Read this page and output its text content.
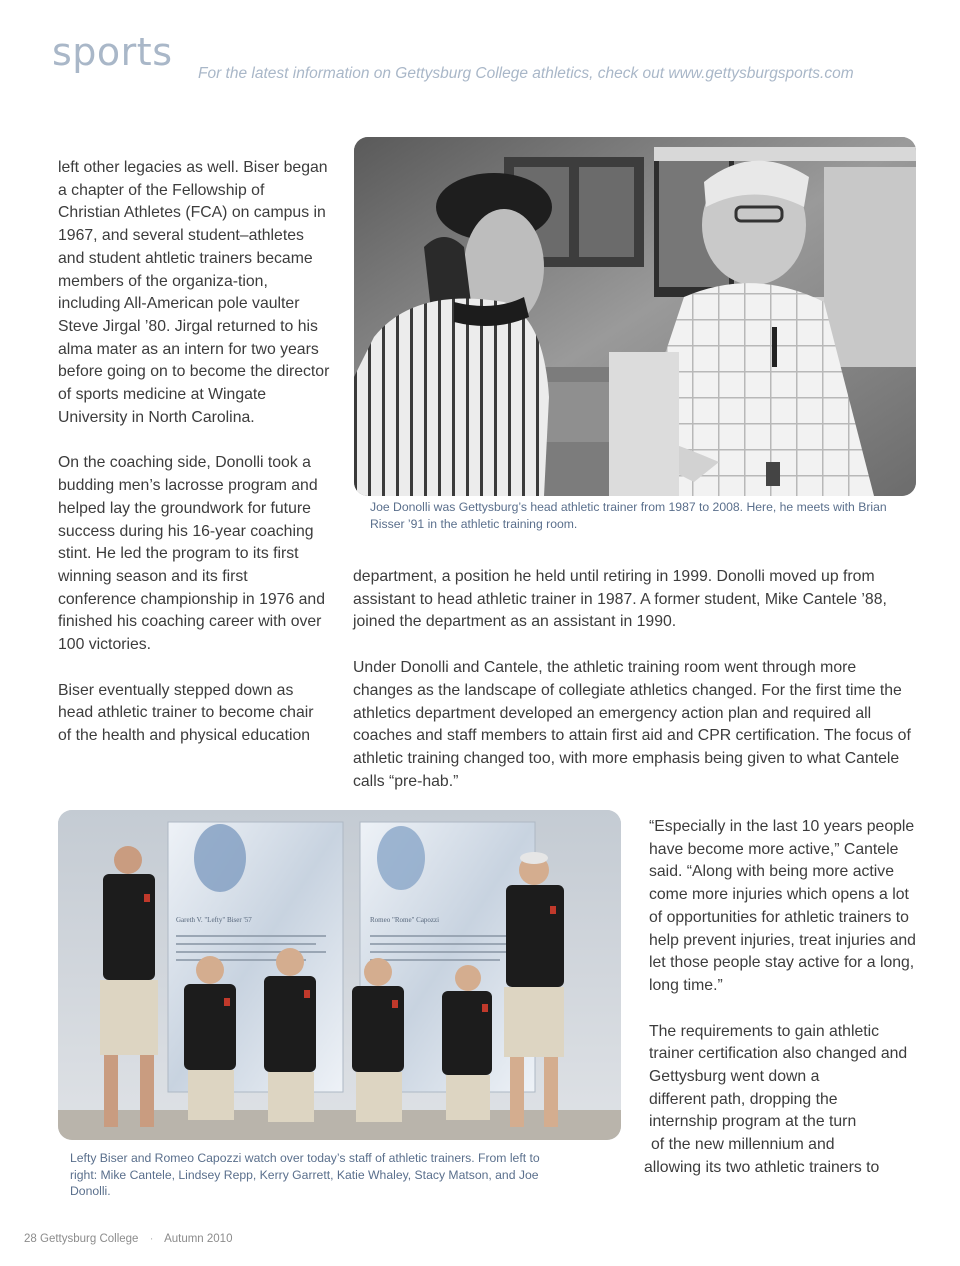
sports For the latest information on Gettysburg College athletics, check out www.gettysburgsports.com

left other legacies as well. Biser began a chapter of the Fellowship of Christian Athletes (FCA) on campus in 1967, and several student–athletes and student ahtletic trainers became members of the organiza-tion, including All-American pole vaulter Steve Jirgal ’80. Jirgal returned to his alma mater as an intern for two years before going on to become the director of sports medicine at Wingate University in North Carolina.

On the coaching side, Donolli took a budding men’s lacrosse program and helped lay the groundwork for future success during his 16-year coaching stint. He led the program to its first winning season and its first conference championship in 1976 and finished his coaching career with over 100 victories.

Biser eventually stepped down as head athletic trainer to become chair of the health and physical education

Joe Donolli was Gettysburg’s head athletic trainer from 1987 to 2008. Here, he meets with Brian Risser ’91 in the athletic training room.

department, a position he held until retiring in 1999. Donolli moved up from assistant to head athletic trainer in 1987. A former student, Mike Cantele ’88, joined the department as an assistant in 1990.

Under Donolli and Cantele, the athletic training room went through more changes as the landscape of collegiate athletics changed. For the first time the athletics department developed an emergency action plan and required all coaches and staff members to attain first aid and CPR certification. The focus of athletic training changed too, with more emphasis being given to what Cantele calls “pre-hab.”

Gareth V. "Lefty" Biser '57	Romeo "Rome" Capozzi
Lefty Biser and Romeo Capozzi watch over today’s staff of athletic trainers. From left to right: Mike Cantele, Lindsey Repp, Kerry Garrett, Katie Whaley, Stacy Matson, and Joe Donolli.

“Especially in the last 10 years people have become more active,” Cantele said. “Along with being more active come more injuries which opens a lot of opportunities for athletic trainers to help prevent injuries, treat injuries and let those people stay active for a long, long time.”

The requirements to gain athletic
trainer certification also changed and
Gettysburg went down a
different path, dropping the
internship program at the turn
of the new millennium and
allowing its two athletic trainers to

28 Gettysburg College · Autumn 2010
